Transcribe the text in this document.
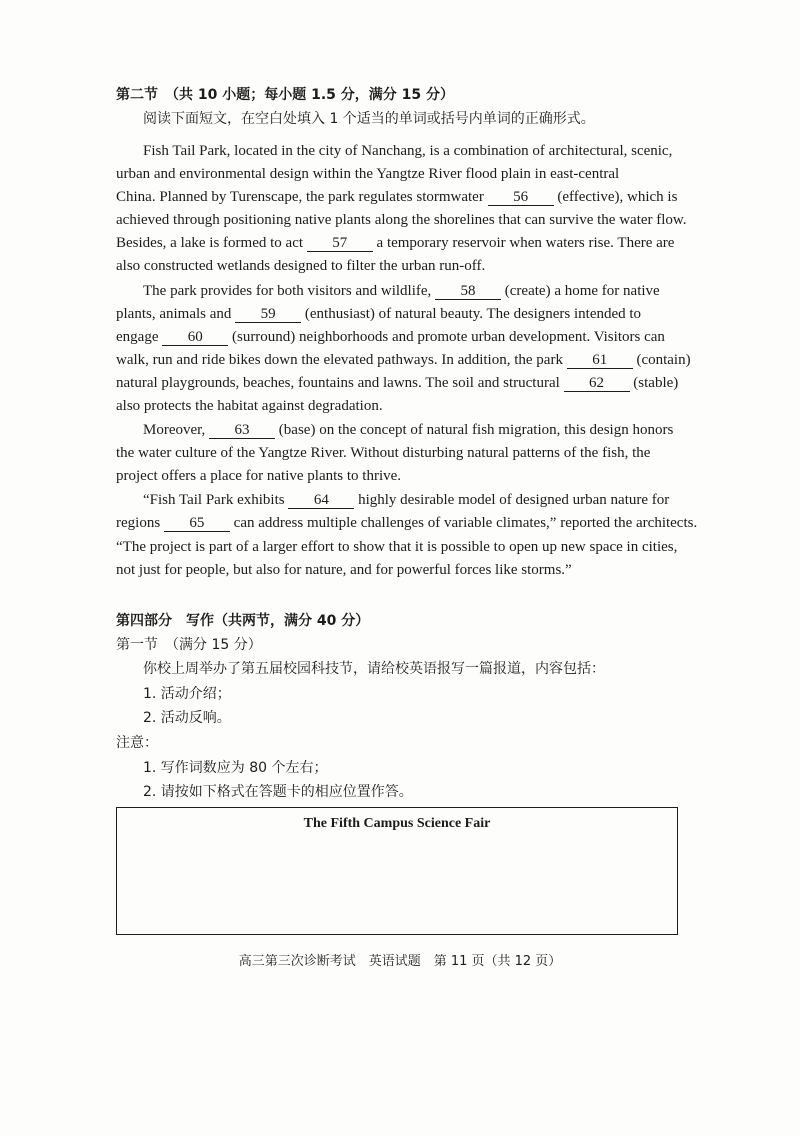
第二节　（共 10 小题；每小题 1.5 分，满分 15 分）
阅读下面短文，在空白处填入 1 个适当的单词或括号内单词的正确形式。
Fish Tail Park, located in the city of Nanchang, is a combination of architectural, scenic,
urban and environmental design within the Yangtze River flood plain in east-central
China. Planned by Turenscape, the park regulates stormwater 56 (effective), which is
achieved through positioning native plants along the shorelines that can survive the water flow.
Besides, a lake is formed to act 57 a temporary reservoir when waters rise. There are
also constructed wetlands designed to filter the urban run-off.
The park provides for both visitors and wildlife, 58 (create) a home for native
plants, animals and 59 (enthusiast) of natural beauty. The designers intended to
engage 60 (surround) neighborhoods and promote urban development. Visitors can
walk, run and ride bikes down the elevated pathways. In addition, the park 61 (contain)
natural playgrounds, beaches, fountains and lawns. The soil and structural 62 (stable)
also protects the habitat against degradation.
Moreover, 63 (base) on the concept of natural fish migration, this design honors
the water culture of the Yangtze River. Without disturbing natural patterns of the fish, the
project offers a place for native plants to thrive.
“Fish Tail Park exhibits 64 highly desirable model of designed urban nature for
regions 65 can address multiple challenges of variable climates,” reported the architects.
“The project is part of a larger effort to show that it is possible to open up new space in cities,
not just for people, but also for nature, and for powerful forces like storms.”
第四部分　写作（共两节，满分 40 分）
第一节　（满分 15 分）
你校上周举办了第五届校园科技节，请给校英语报写一篇报道，内容包括：
1. 活动介绍；
2. 活动反响。
注意：
1. 写作词数应为 80 个左右；
2. 请按如下格式在答题卡的相应位置作答。
The Fifth Campus Science Fair
高三第三次诊断考试　英语试题　第 11 页（共 12 页）
